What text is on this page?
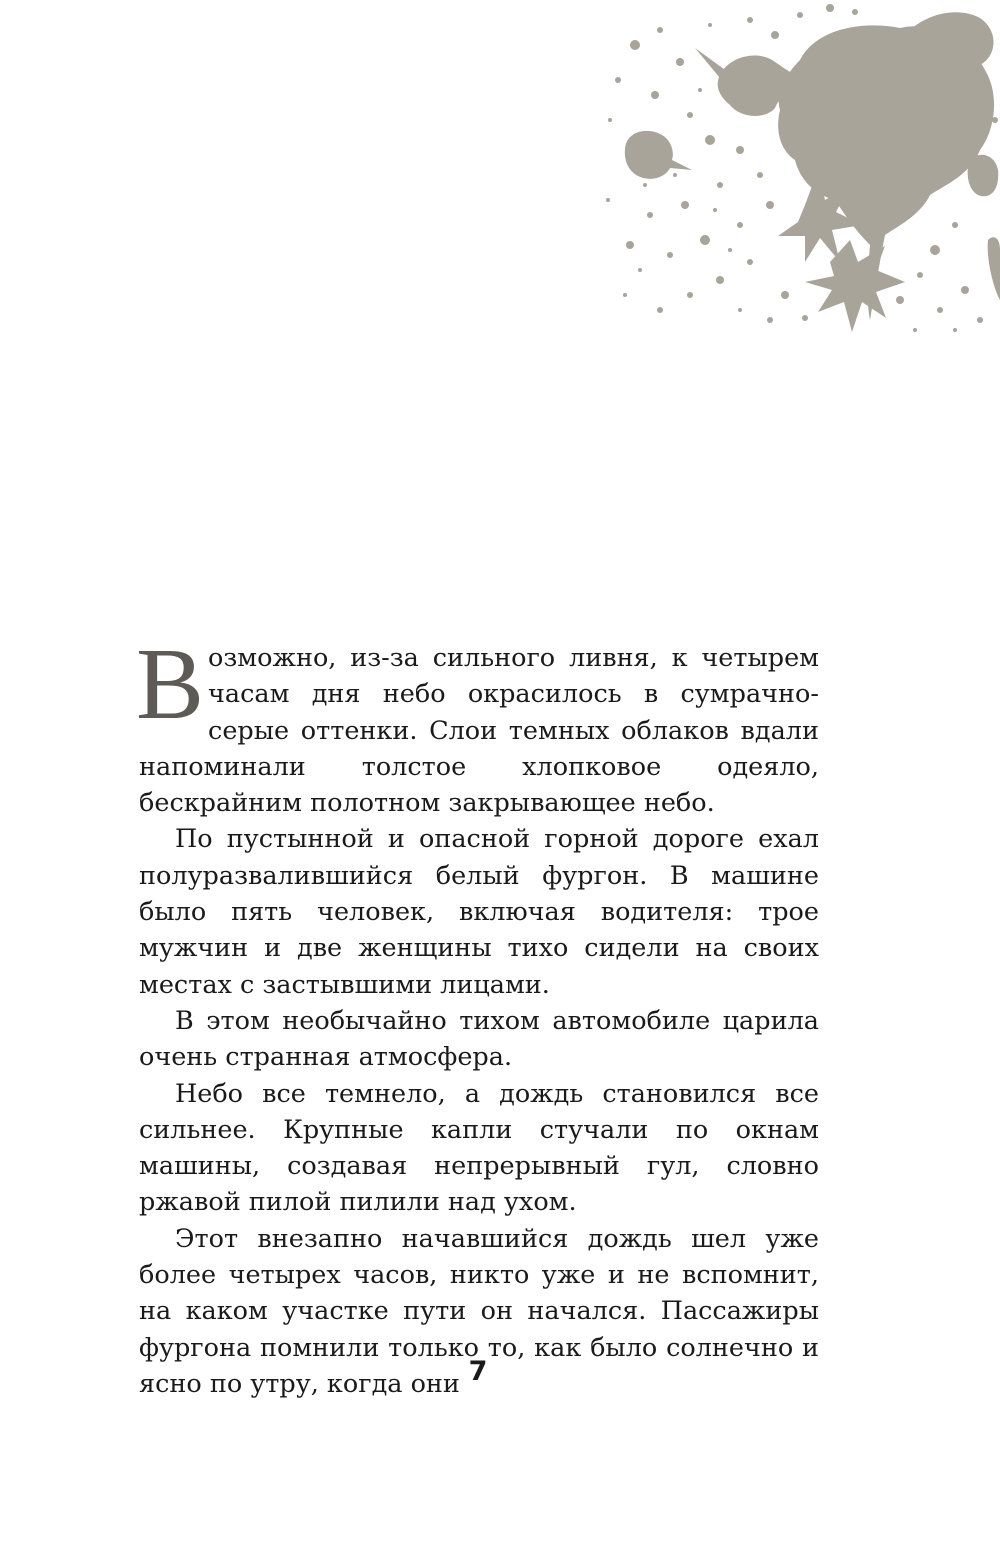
Возможно, из-за сильного ливня, к четырем часам дня небо окрасилось в сумрачно-серые оттенки. Слои темных облаков вдали напоминали толстое хлопковое одеяло, бескрайним полотном закрывающее небо.

По пустынной и опасной горной дороге ехал полуразвалившийся белый фургон. В машине было пять человек, включая водителя: трое мужчин и две женщины тихо сидели на своих местах с застывшими лицами.

В этом необычайно тихом автомобиле царила очень странная атмосфера.

Небо все темнело, а дождь становился все сильнее. Крупные капли стучали по окнам машины, создавая непрерывный гул, словно ржавой пилой пилили над ухом.

Этот внезапно начавшийся дождь шел уже более четырех часов, никто уже и не вспомнит, на каком участке пути он начался. Пассажиры фургона помнили только то, как было солнечно и ясно по утру, когда они 7
